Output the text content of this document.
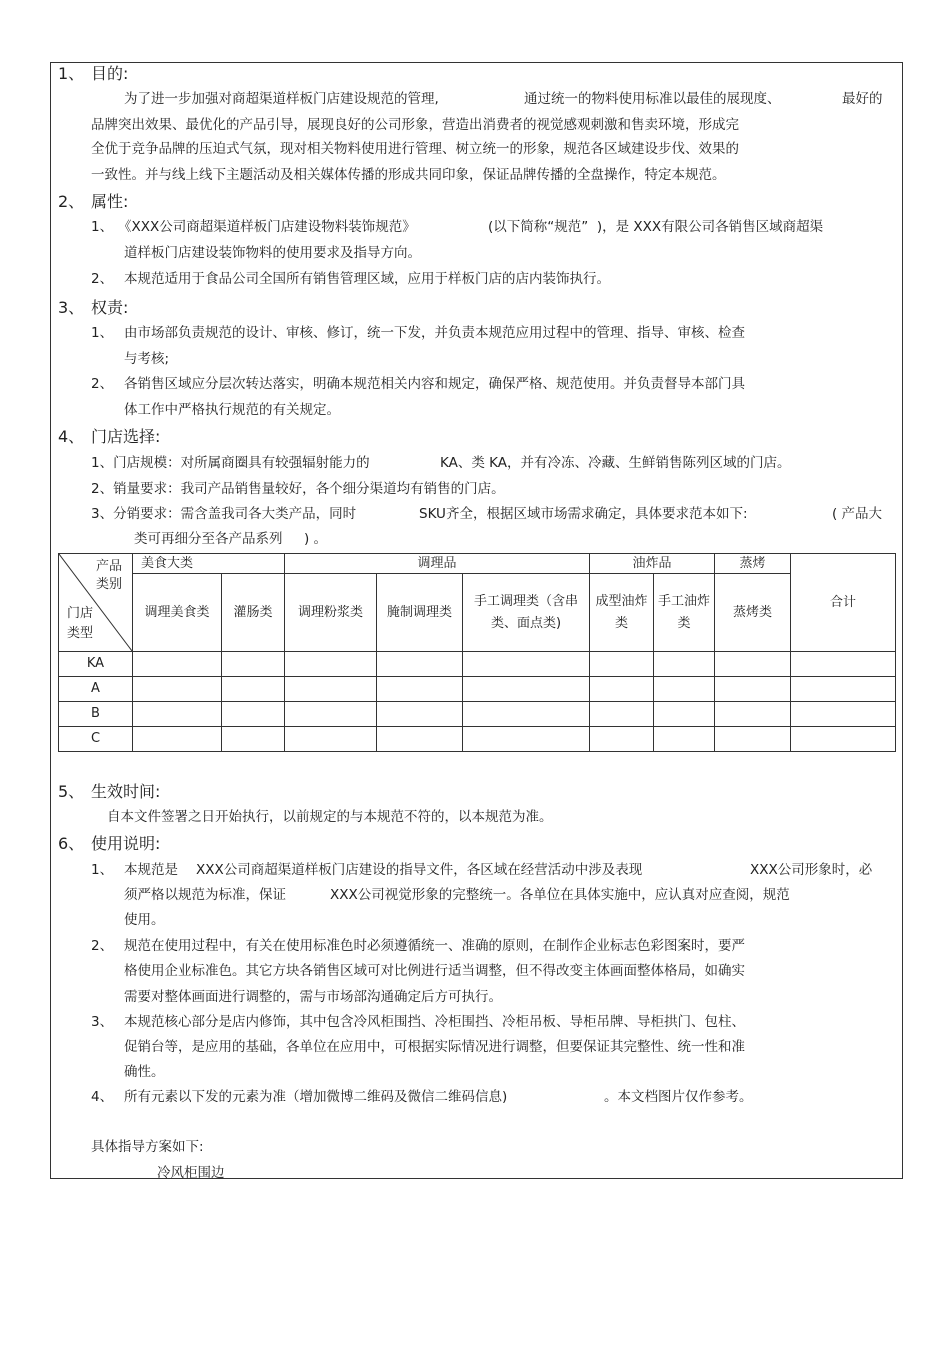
1、 目的:
为了进一步加强对商超渠道样板门店建设规范的管理,	通过统一的物料使用标准以最佳的展现度、	最好的
品牌突出效果、最优化的产品引导，展现良好的公司形象，营造出消费者的视觉感观刺激和售卖环境，形成完
全优于竞争品牌的压迫式气氛，现对相关物料使用进行管理、树立统一的形象，规范各区域建设步伐、效果的
一致性。并与线上线下主题活动及相关媒体传播的形成共同印象，保证品牌传播的全盘操作，特定本规范。
2、 属性:
1、 《XXX公司商超渠道样板门店建设物料装饰规范》	(以下简称“规范”  )，是 XXX有限公司各销售区域商超渠
道样板门店建设装饰物料的使用要求及指导方向。
2、 本规范适用于食品公司全国所有销售管理区域，应用于样板门店的店内装饰执行。
3、 权责:
1、 由市场部负责规范的设计、审核、修订，统一下发，并负责本规范应用过程中的管理、指导、审核、检查
与考核;
2、 各销售区域应分层次转达落实，明确本规范相关内容和规定，确保严格、规范使用。并负责督导本部门具
体工作中严格执行规范的有关规定。
4、 门店选择:
1、门店规模：对所属商圈具有较强辐射能力的	KA、类 KA，并有冷冻、冷藏、生鲜销售陈列区域的门店。
2、销量要求：我司产品销售量较好，各个细分渠道均有销售的门店。
3、分销要求：需含盖我司各大类产品，同时	SKU齐全，根据区域市场需求确定，具体要求范本如下:	( 产品大
类可再细分至各产品系列     ) 。
产品
类别
门店
类型	美食大类		调理品			油炸品		蒸烤	合计
	调理美食类	灌肠类	调理粉浆类	腌制调理类	手工调理类（含串类、面点类)	成型油炸类	手工油炸类	蒸烤类	
KA									
A									
B									
C									
5、 生效时间:
自本文件签署之日开始执行，以前规定的与本规范不符的，以本规范为准。
6、 使用说明:
1、 本规范是 XXX公司商超渠道样板门店建设的指导文件，各区域在经营活动中涉及表现	XXX公司形象时，必
须严格以规范为标准，保证	XXX公司视觉形象的完整统一。各单位在具体实施中，应认真对应查阅，规范
使用。
2、 规范在使用过程中，有关在使用标准色时必须遵循统一、准确的原则，在制作企业标志色彩图案时，要严
格使用企业标准色。其它方块各销售区域可对比例进行适当调整，但不得改变主体画面整体格局，如确实
需要对整体画面进行调整的，需与市场部沟通确定后方可执行。
3、 本规范核心部分是店内修饰，其中包含冷风柜围挡、冷柜围挡、冷柜吊板、导柜吊牌、导柜拱门、包柱、
促销台等，是应用的基础，各单位在应用中，可根据实际情况进行调整，但要保证其完整性、统一性和准
确性。
4、 所有元素以下发的元素为准（增加微博二维码及微信二维码信息)	。本文档图片仅作参考。
具体指导方案如下:
冷风柜围边
